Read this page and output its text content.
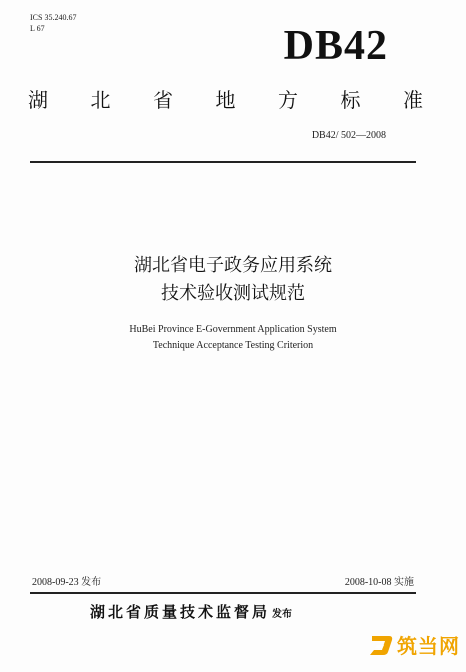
ICS 35.240.67
L 67	DB42
湖 北 省 地 方 标 准
DB42/ 502—2008
湖北省电子政务应用系统
技术验收测试规范
HuBei Province E-Government Application System
Technique Acceptance Testing Criterion
2008-09-23 发布	2008-10-08 实施
湖北省质量技术监督局 发布
筑当网
